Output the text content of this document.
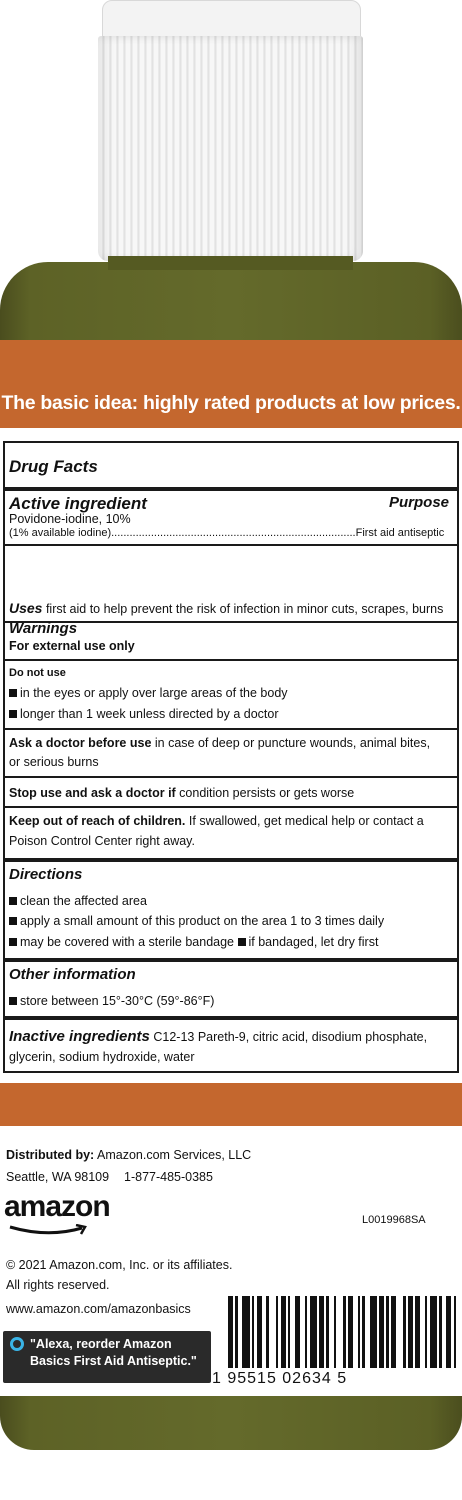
The basic idea: highly rated products at low prices.
Drug Facts
Active ingredient	Purpose
Povidone-iodine, 10%
(1% available iodine)................................................................................First aid antiseptic
Uses first aid to help prevent the risk of infection in minor cuts, scrapes, burns
Warnings
For external use only
Do not use
in the eyes or apply over large areas of the body
longer than 1 week unless directed by a doctor
Ask a doctor before use in case of deep or puncture wounds, animal bites,
or serious burns
Stop use and ask a doctor if condition persists or gets worse
Keep out of reach of children. If swallowed, get medical help or contact a
Poison Control Center right away.
Directions
clean the affected area
apply a small amount of this product on the area 1 to 3 times daily
may be covered with a sterile bandage if bandaged, let dry first
Other information
store between 15°-30°C (59°-86°F)
Inactive ingredients C12-13 Pareth-9, citric acid, disodium phosphate,
glycerin, sodium hydroxide, water
Distributed by: Amazon.com Services, LLC
Seattle, WA 98109 1-877-485-0385
amazon	L001996​8SA
© 2021 Amazon.com, Inc. or its affiliates.
All rights reserved.
www.amazon.com/amazonbasics
"Alexa, reorder Amazon Basics First Aid Antiseptic."
1 95515 02634 5
